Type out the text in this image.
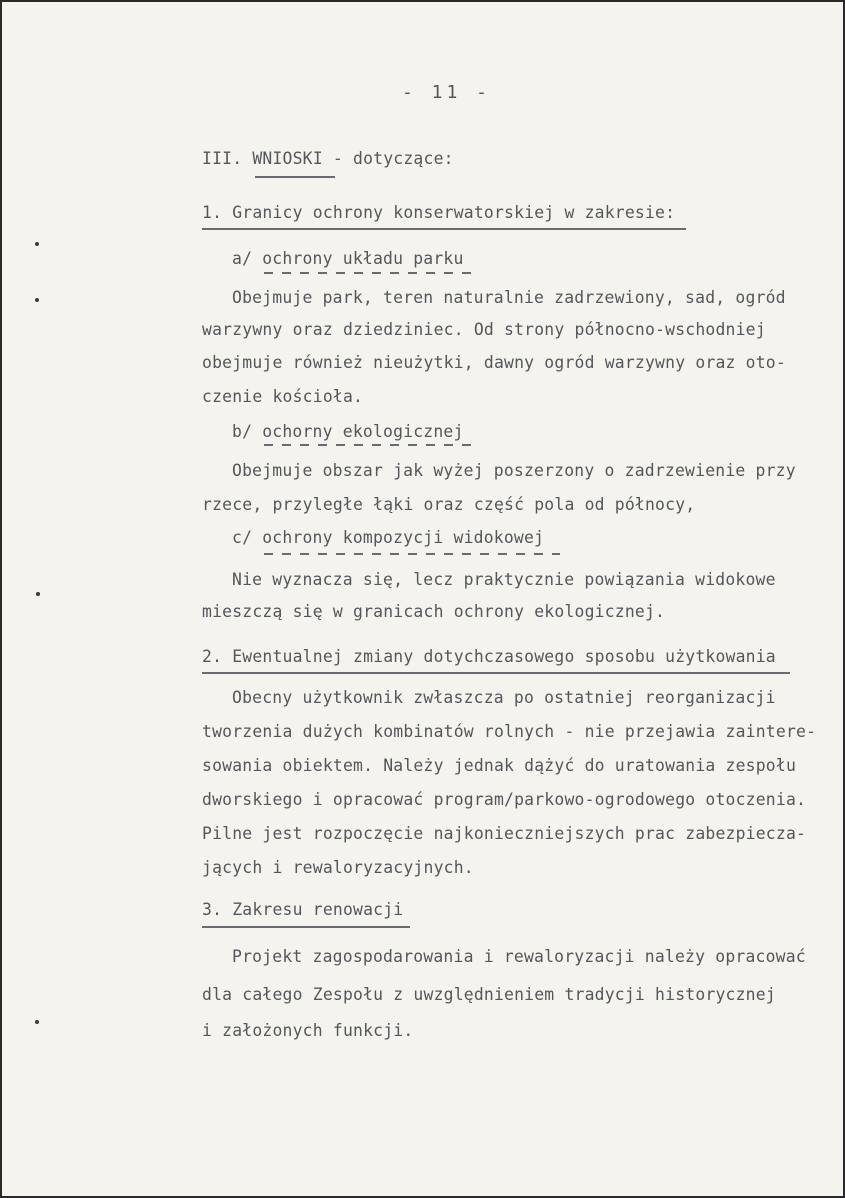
- 11 -
III. WNIOSKI - dotyczące:
1. Granicy ochrony konserwatorskiej w zakresie:
a/ ochrony układu parku
Obejmuje park, teren naturalnie zadrzewiony, sad, ogród
warzywny oraz dziedziniec. Od strony północno-wschodniej
obejmuje również nieużytki, dawny ogród warzywny oraz oto-
czenie kościoła.
b/ ochorny ekologicznej
Obejmuje obszar jak wyżej poszerzony o zadrzewienie przy
rzece, przyległe łąki oraz część pola od północy,
c/ ochrony kompozycji widokowej
Nie wyznacza się, lecz praktycznie powiązania widokowe
mieszczą się w granicach ochrony ekologicznej.
2. Ewentualnej zmiany dotychczasowego sposobu użytkowania
Obecny użytkownik zwłaszcza po ostatniej reorganizacji
tworzenia dużych kombinatów rolnych - nie przejawia zaintere-
sowania obiektem. Należy jednak dążyć do uratowania zespołu
dworskiego i opracować program/parkowo-ogrodowego otoczenia.
Pilne jest rozpoczęcie najkonieczniejszych prac zabezpiecza-
jących i rewaloryzacyjnych.
3. Zakresu renowacji
Projekt zagospodarowania i rewaloryzacji należy opracować
dla całego Zespołu z uwzględnieniem tradycji historycznej
i założonych funkcji.
